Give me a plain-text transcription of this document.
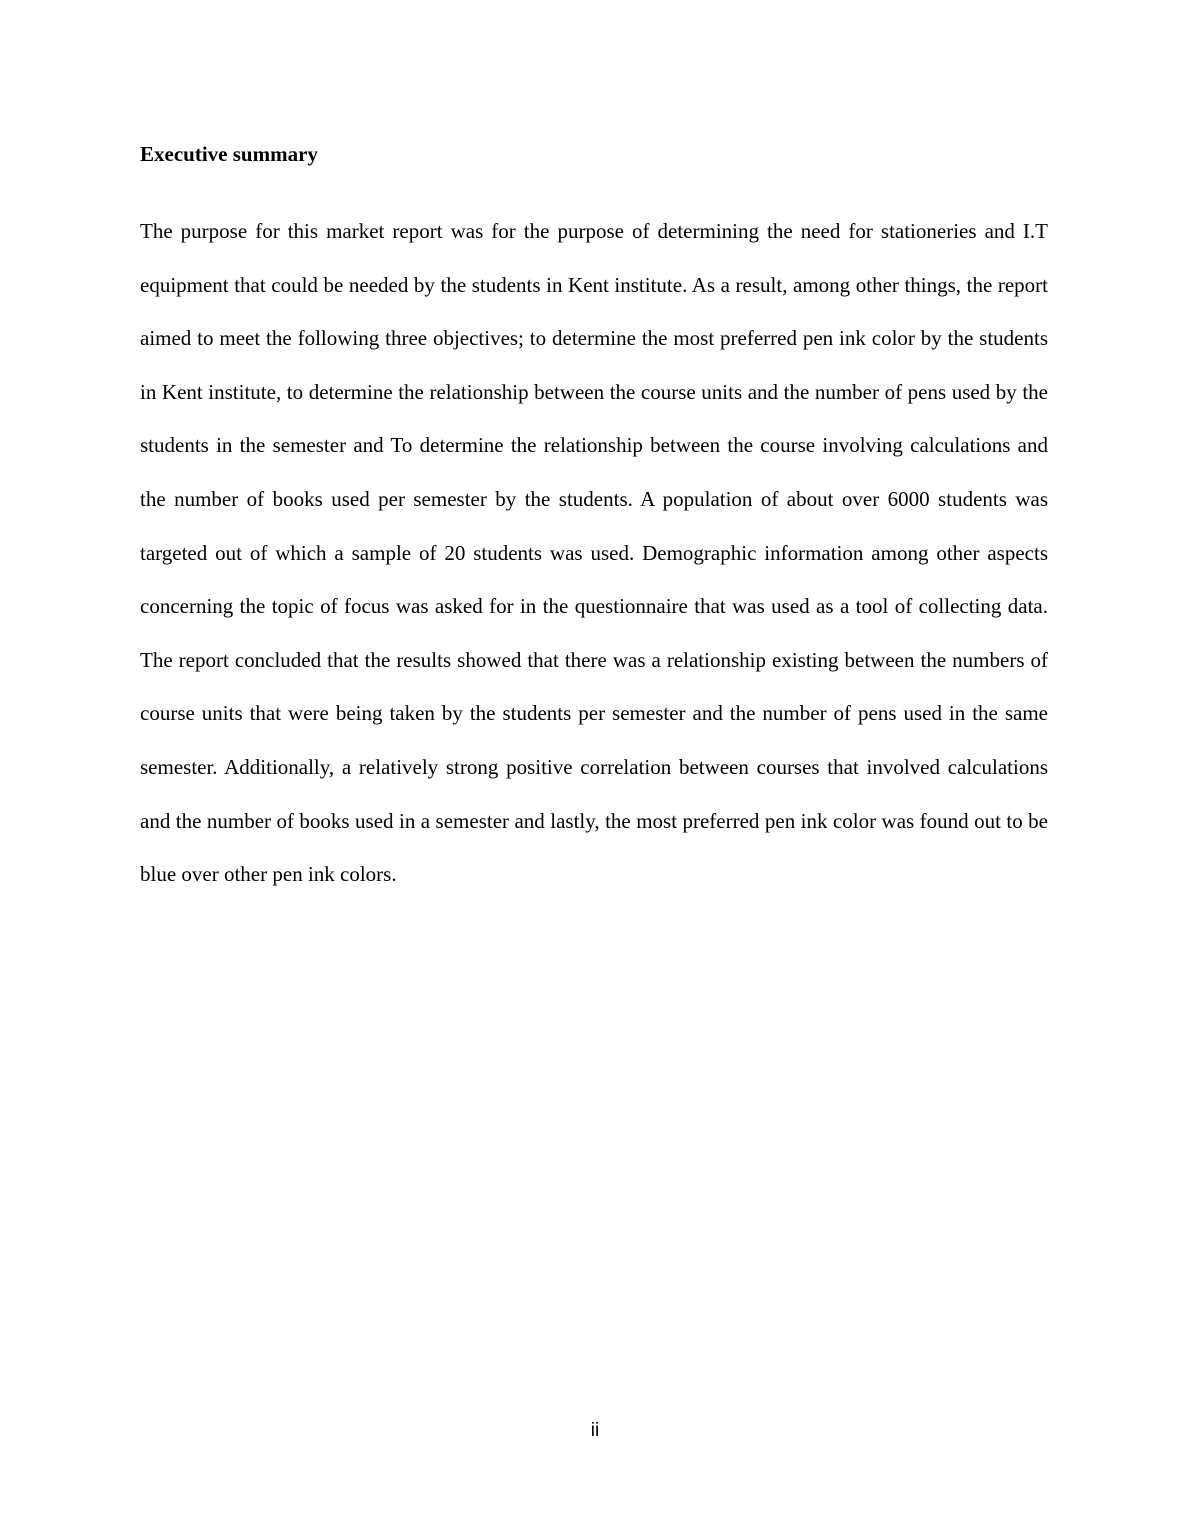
Executive summary

The purpose for this market report was for the purpose of determining the need for stationeries and I.T equipment that could be needed by the students in Kent institute. As a result, among other things, the report aimed to meet the following three objectives; to determine the most preferred pen ink color by the students in Kent institute, to determine the relationship between the course units and the number of pens used by the students in the semester and To determine the relationship between the course involving calculations and the number of books used per semester by the students. A population of about over 6000 students was targeted out of which a sample of 20 students was used. Demographic information among other aspects concerning the topic of focus was asked for in the questionnaire that was used as a tool of collecting data. The report concluded that the results showed that there was a relationship existing between the numbers of course units that were being taken by the students per semester and the number of pens used in the same semester. Additionally, a relatively strong positive correlation between courses that involved calculations and the number of books used in a semester and lastly, the most preferred pen ink color was found out to be blue over other pen ink colors.

ii
